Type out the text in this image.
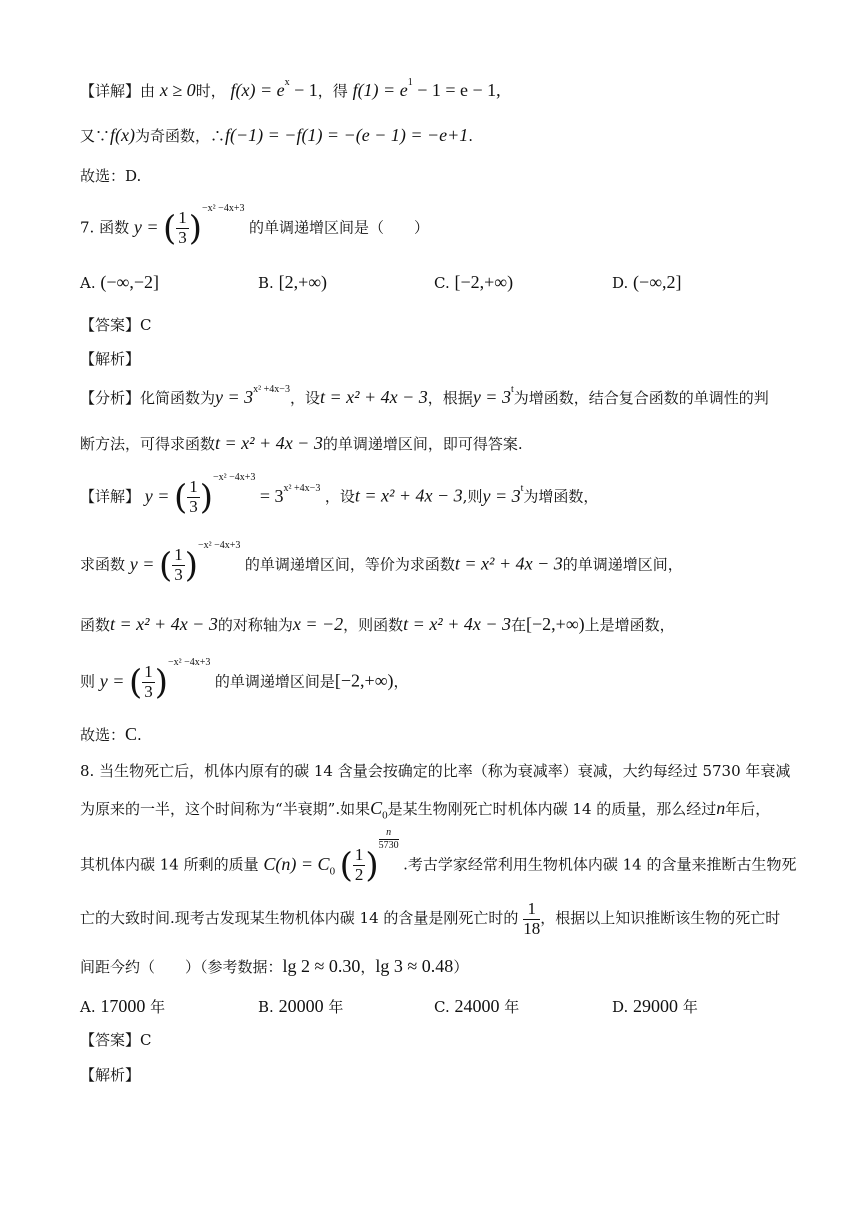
【详解】由 x ≥ 0时， $f(x) = e^x - 1$，得 $f(1) = e^1 - 1 = e - 1$,
又∵f(x)为奇函数，∴f(−1) = −f(1) = −(e − 1) = −e+1.
故选：D.
7. 函数 y = ( $\frac{1}{3} )^{-x^2 -4x+3}$ 的单调递增区间是（　　）
A. (−∞,−2]	B. [2,+∞)	C. [−2,+∞)	D. (−∞,2]
【答案】C
【解析】
【分析】化简函数为$y = 3^{x^2 +4x-3}$，设t = x² + 4x − 3，根据$y = 3^t$为增函数，结合复合函数的单调性的判
断方法，可得求函数t = x² + 4x − 3的单调递增区间，即可得答案.
【详解】 y = ( $\frac{1}{3} )^{-x^2 -4x+3} = 3^{x^2 +4x-3}$ ，设t = x² + 4x − 3,则$y = 3^t$为增函数，
求函数 y = ( $\frac{1}{3} )^{-x^2 -4x+3}$ 的单调递增区间，等价为求函数t = x² + 4x − 3的单调递增区间，
函数t = x² + 4x − 3的对称轴为x = −2，则函数t = x² + 4x − 3在[−2,+∞)上是增函数，
则 y = ( $\frac{1}{3} )^{-x^2 -4x+3}$ 的单调递增区间是[−2,+∞)，
故选：C.
8. 当生物死亡后，机体内原有的碳 14 含量会按确定的比率（称为衰减率）衰减，大约每经过 5730 年衰减
为原来的一半，这个时间称为“半衰期”.如果$C_0$是某生物刚死亡时机体内碳 14 的质量，那么经过n年后，
其机体内碳 14 所剩的质量 $C(n) = C_0$ ( $\frac{1}{2}$ )
$\frac{n}{5730}$
.考古学家经常利用生物机体内碳 14 的含量来推断古生物死
亡的大致时间.现考古发现某生物机体内碳 14 的含量是刚死亡时的 $\frac{1}{18}$ ，根据以上知识推断该生物的死亡时
间距今约（　　）（参考数据：lg 2 ≈ 0.30，lg 3 ≈ 0.48）
A. 17000 年	B. 20000 年	C. 24000 年	D. 29000 年
【答案】C
【解析】
